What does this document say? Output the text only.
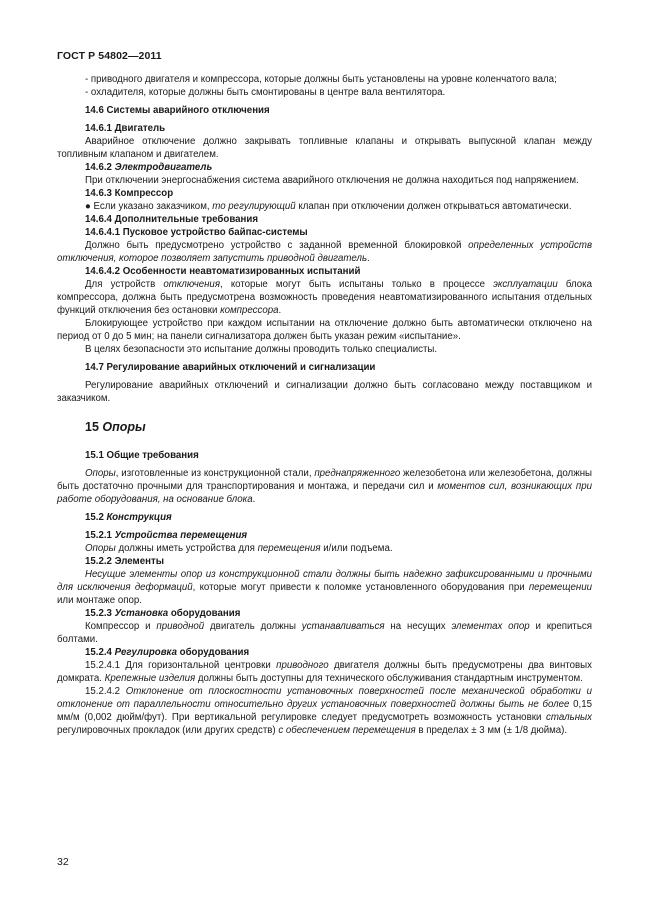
ГОСТ Р 54802—2011

- приводного двигателя и компрессора, которые должны быть установлены на уровне коленчатого вала;

- охладителя, которые должны быть смонтированы в центре вала вентилятора.

14.6 Системы аварийного отключения

14.6.1 Двигатель

Аварийное отключение должно закрывать топливные клапаны и открывать выпускной клапан между топливным клапаном и двигателем.

14.6.2 Электродвигатель

При отключении энергоснабжения система аварийного отключения не должна находиться под напряжением.

14.6.3 Компрессор

● Если указано заказчиком, то регулирующий клапан при отключении должен открываться автоматически.

14.6.4 Дополнительные требования

14.6.4.1 Пусковое устройство байпас-системы

Должно быть предусмотрено устройство с заданной временной блокировкой определенных устройств отключения, которое позволяет запустить приводной двигатель.

14.6.4.2 Особенности неавтоматизированных испытаний

Для устройств отключения, которые могут быть испытаны только в процессе эксплуатации блока компрессора, должна быть предусмотрена возможность проведения неавтоматизированного испытания отдельных функций отключения без остановки компрессора.

Блокирующее устройство при каждом испытании на отключение должно быть автоматически отключено на период от 0 до 5 мин; на панели сигнализатора должен быть указан режим «испытание».

В целях безопасности это испытание должны проводить только специалисты.

14.7 Регулирование аварийных отключений и сигнализации

Регулирование аварийных отключений и сигнализации должно быть согласовано между поставщиком и заказчиком.

15 Опоры

15.1 Общие требования

Опоры, изготовленные из конструкционной стали, преднапряженного железобетона или железобетона, должны быть достаточно прочными для транспортирования и монтажа, и передачи сил и моментов сил, возникающих при работе оборудования, на основание блока.

15.2 Конструкция

15.2.1 Устройства перемещения

Опоры должны иметь устройства для перемещения и/или подъема.

15.2.2 Элементы

Несущие элементы опор из конструкционной стали должны быть надежно зафиксированными и прочными для исключения деформаций, которые могут привести к поломке установленного оборудования при перемещении или монтаже опор.

15.2.3 Установка оборудования

Компрессор и приводной двигатель должны устанавливаться на несущих элементах опор и крепиться болтами.

15.2.4 Регулировка оборудования

15.2.4.1 Для горизонтальной центровки приводного двигателя должны быть предусмотрены два винтовых домкрата. Крепежные изделия должны быть доступны для технического обслуживания стандартным инструментом.

15.2.4.2 Отклонение от плоскостности установочных поверхностей после механической обработки и отклонение от параллельности относительно других установочных поверхностей должны быть не более 0,15 мм/м (0,002 дюйм/фут). При вертикальной регулировке следует предусмотреть возможность установки стальных регулировочных прокладок (или других средств) с обеспечением перемещения в пределах ± 3 мм (± 1/8 дюйма).

32
